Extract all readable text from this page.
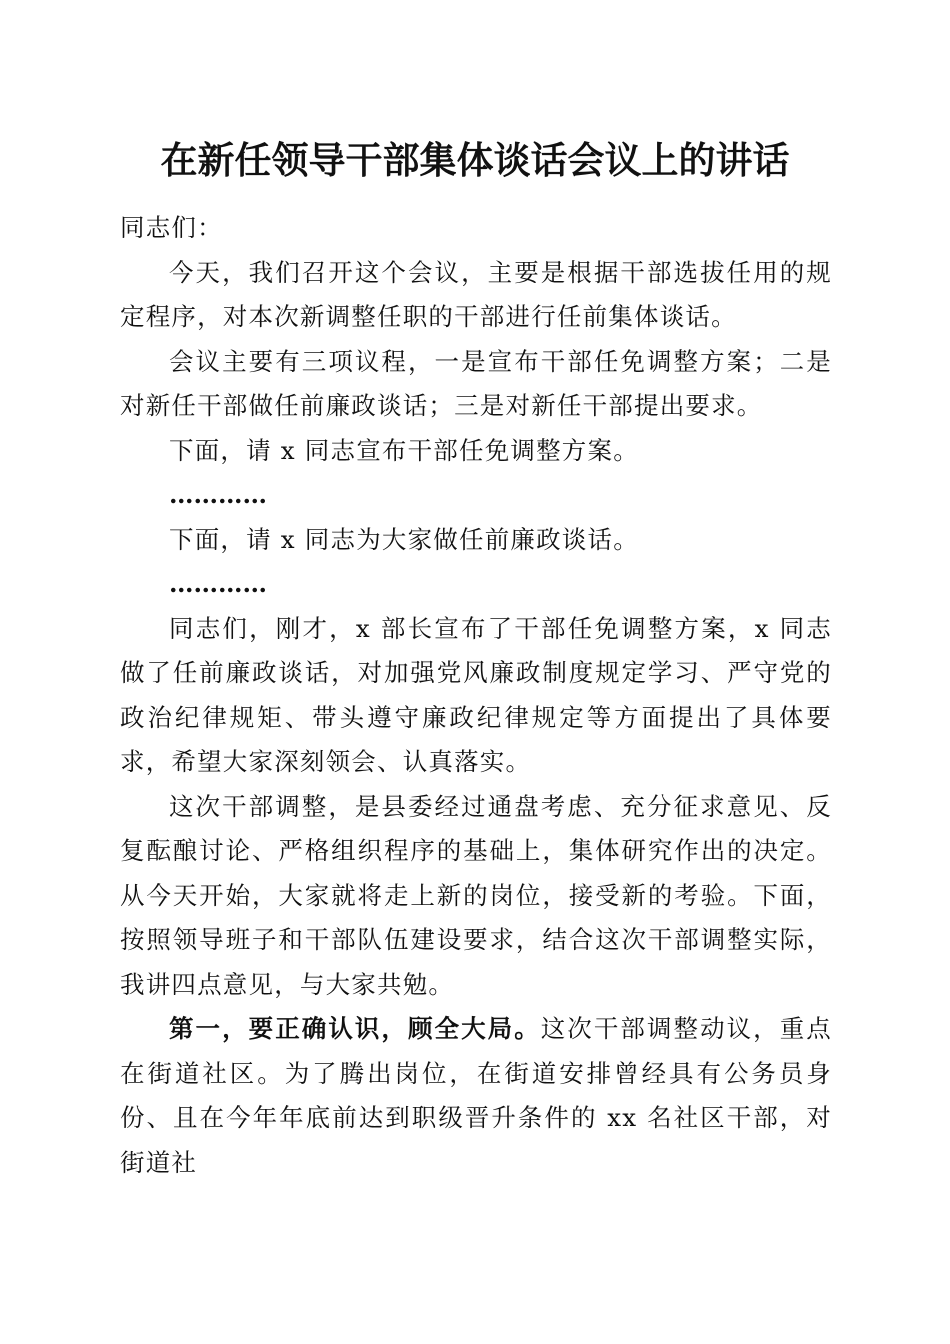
在新任领导干部集体谈话会议上的讲话

同志们：

今天，我们召开这个会议，主要是根据干部选拔任用的规定程序，对本次新调整任职的干部进行任前集体谈话。

会议主要有三项议程，一是宣布干部任免调整方案；二是对新任干部做任前廉政谈话；三是对新任干部提出要求。

下面，请 x 同志宣布干部任免调整方案。

…………

下面，请 x 同志为大家做任前廉政谈话。

…………

同志们，刚才，x 部长宣布了干部任免调整方案，x 同志做了任前廉政谈话，对加强党风廉政制度规定学习、严守党的政治纪律规矩、带头遵守廉政纪律规定等方面提出了具体要求，希望大家深刻领会、认真落实。

这次干部调整，是县委经过通盘考虑、充分征求意见、反复酝酿讨论、严格组织程序的基础上，集体研究作出的决定。从今天开始，大家就将走上新的岗位，接受新的考验。下面，按照领导班子和干部队伍建设要求，结合这次干部调整实际，我讲四点意见，与大家共勉。

第一，要正确认识，顾全大局。这次干部调整动议，重点在街道社区。为了腾出岗位，在街道安排曾经具有公务员身份、且在今年年底前达到职级晋升条件的 xx 名社区干部，对街道社
